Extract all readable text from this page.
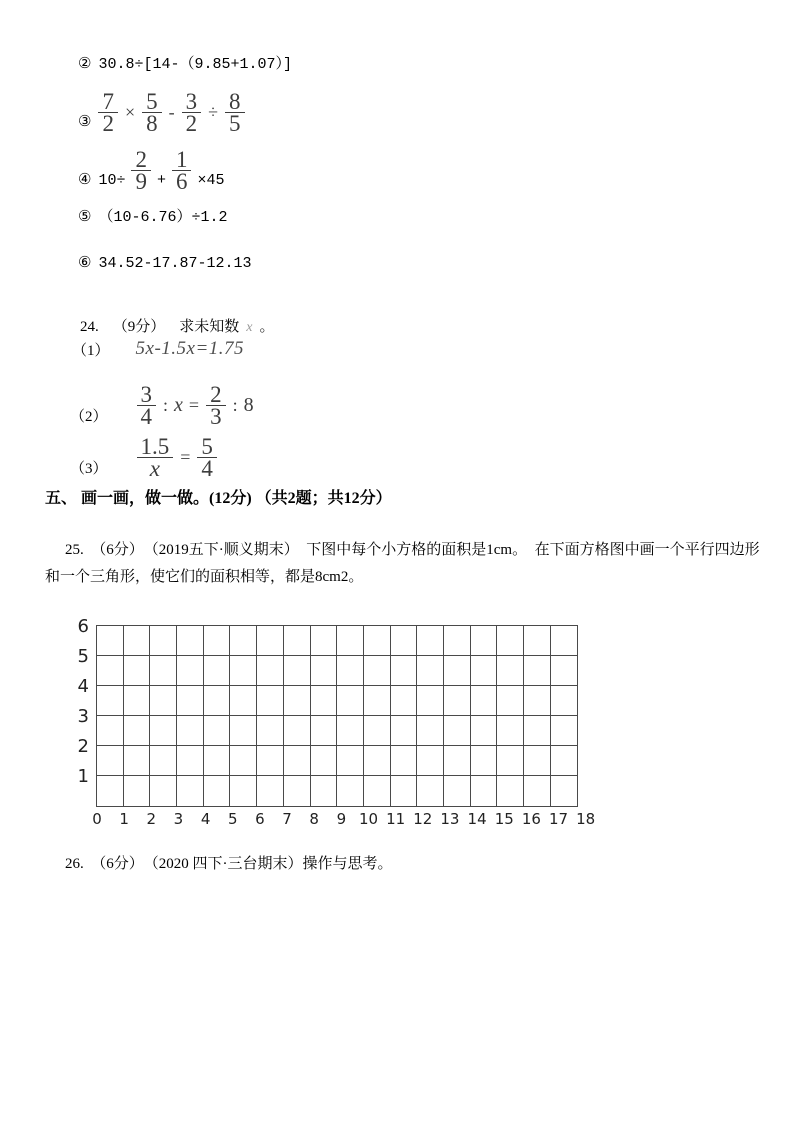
② 30.8÷[14-（9.85+1.07）]
③ $\frac{7}{2} \times \frac{5}{8} - \frac{3}{2} \div \frac{8}{5}$
④ $10\div \frac{2}{9} + \frac{1}{6} \times 45$
⑤ （10-6.76）÷1.2
⑥ 34.52-17.87-12.13

24. （9分） 求未知数 x 。

（1） 5x-1.5x=1.75
$(2) \frac{3}{4}$ : $x = \frac{2}{3}$ : 8
$(3) \frac{1.5}{x} = \frac{5}{4}$
五、 画一画，做一做。(12分) （共2题；共12分）
25.　（6分）　（2019五下·顺义期末）　下图中每个小方格的面积是1cm。　在下面方格图中画一个平行四边形
和一个三角形，使它们的面积相等，都是8cm2。
6
5
4
3
2
1
0 1 2 3 4 5 6 7 8 9 10 11 12 13 14 15 16 17 18
26.　（6分）　（2020 四下·三台期末）操作与思考。
